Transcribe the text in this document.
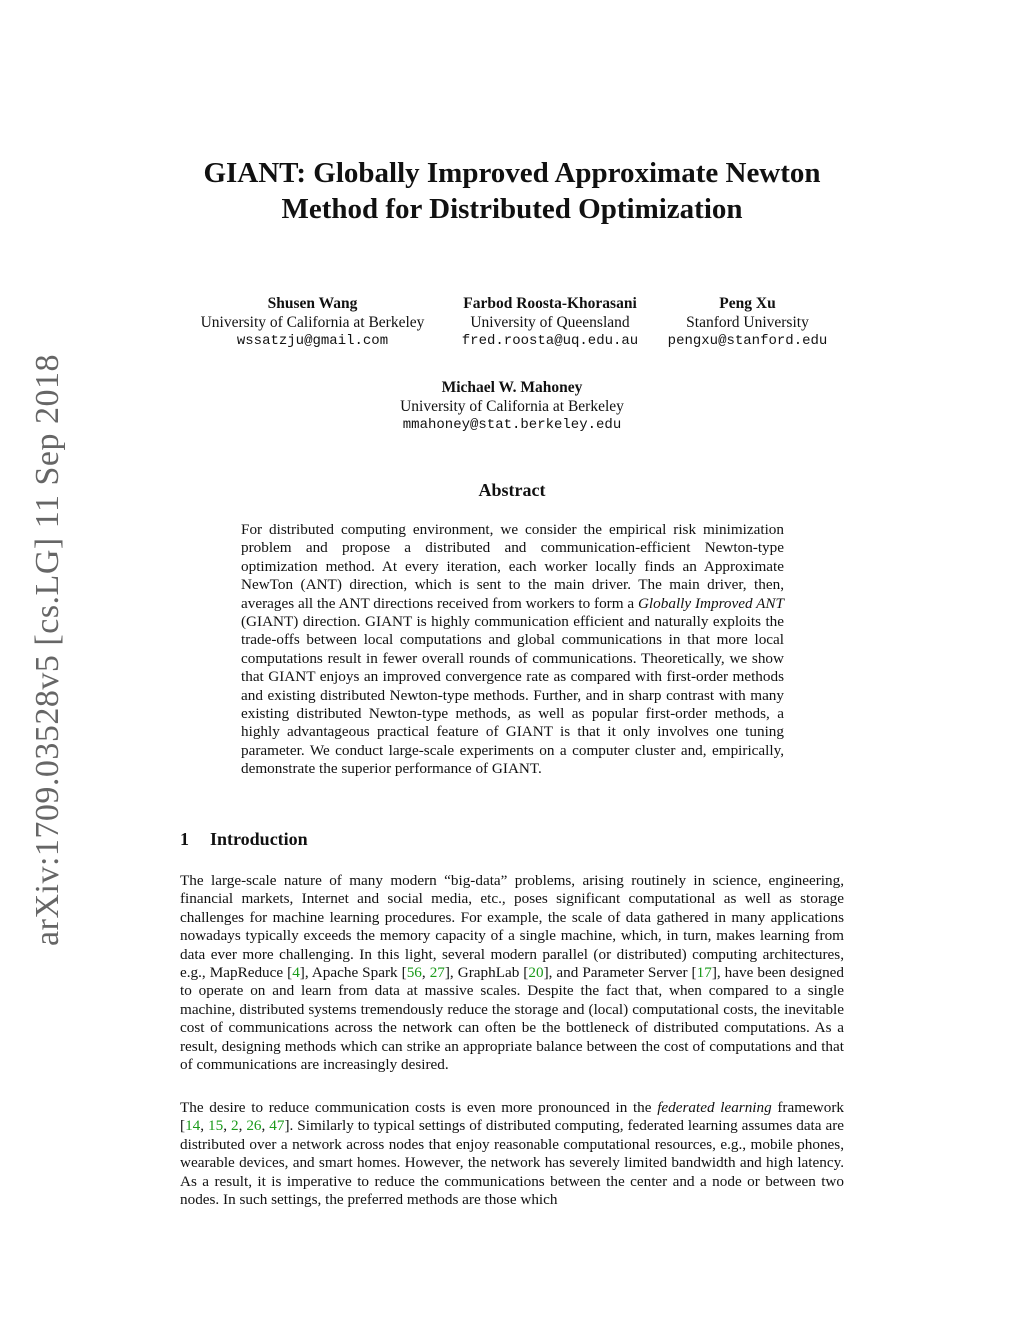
arXiv:1709.03528v5 [cs.LG] 11 Sep 2018
GIANT: Globally Improved Approximate Newton
Method for Distributed Optimization
Shusen Wang
University of California at Berkeley
wssatzju@gmail.com
Farbod Roosta-Khorasani
University of Queensland
fred.roosta@uq.edu.au
Peng Xu
Stanford University
pengxu@stanford.edu
Michael W. Mahoney
University of California at Berkeley
mmahoney@stat.berkeley.edu
Abstract

For distributed computing environment, we consider the empirical risk minimization problem and propose a distributed and communication-efficient Newton-type optimization method. At every iteration, each worker locally finds an Approximate NewTon (ANT) direction, which is sent to the main driver. The main driver, then, averages all the ANT directions received from workers to form a Globally Improved ANT (GIANT) direction. GIANT is highly communication efficient and naturally exploits the trade-offs between local computations and global communications in that more local computations result in fewer overall rounds of communications. Theoretically, we show that GIANT enjoys an improved convergence rate as compared with first-order methods and existing distributed Newton-type methods. Further, and in sharp contrast with many existing distributed Newton-type methods, as well as popular first-order methods, a highly advantageous practical feature of GIANT is that it only involves one tuning parameter. We conduct large-scale experiments on a computer cluster and, empirically, demonstrate the superior performance of GIANT.

1 Introduction

The large-scale nature of many modern “big-data” problems, arising routinely in science, engineering, financial markets, Internet and social media, etc., poses significant computational as well as storage challenges for machine learning procedures. For example, the scale of data gathered in many applications nowadays typically exceeds the memory capacity of a single machine, which, in turn, makes learning from data ever more challenging. In this light, several modern parallel (or distributed) computing architectures, e.g., MapReduce [4], Apache Spark [56, 27], GraphLab [20], and Parameter Server [17], have been designed to operate on and learn from data at massive scales. Despite the fact that, when compared to a single machine, distributed systems tremendously reduce the storage and (local) computational costs, the inevitable cost of communications across the network can often be the bottleneck of distributed computations. As a result, designing methods which can strike an appropriate balance between the cost of computations and that of communications are increasingly desired.

The desire to reduce communication costs is even more pronounced in the federated learning framework [14, 15, 2, 26, 47]. Similarly to typical settings of distributed computing, federated learning assumes data are distributed over a network across nodes that enjoy reasonable computational resources, e.g., mobile phones, wearable devices, and smart homes. However, the network has severely limited bandwidth and high latency. As a result, it is imperative to reduce the communications between the center and a node or between two nodes. In such settings, the preferred methods are those which
